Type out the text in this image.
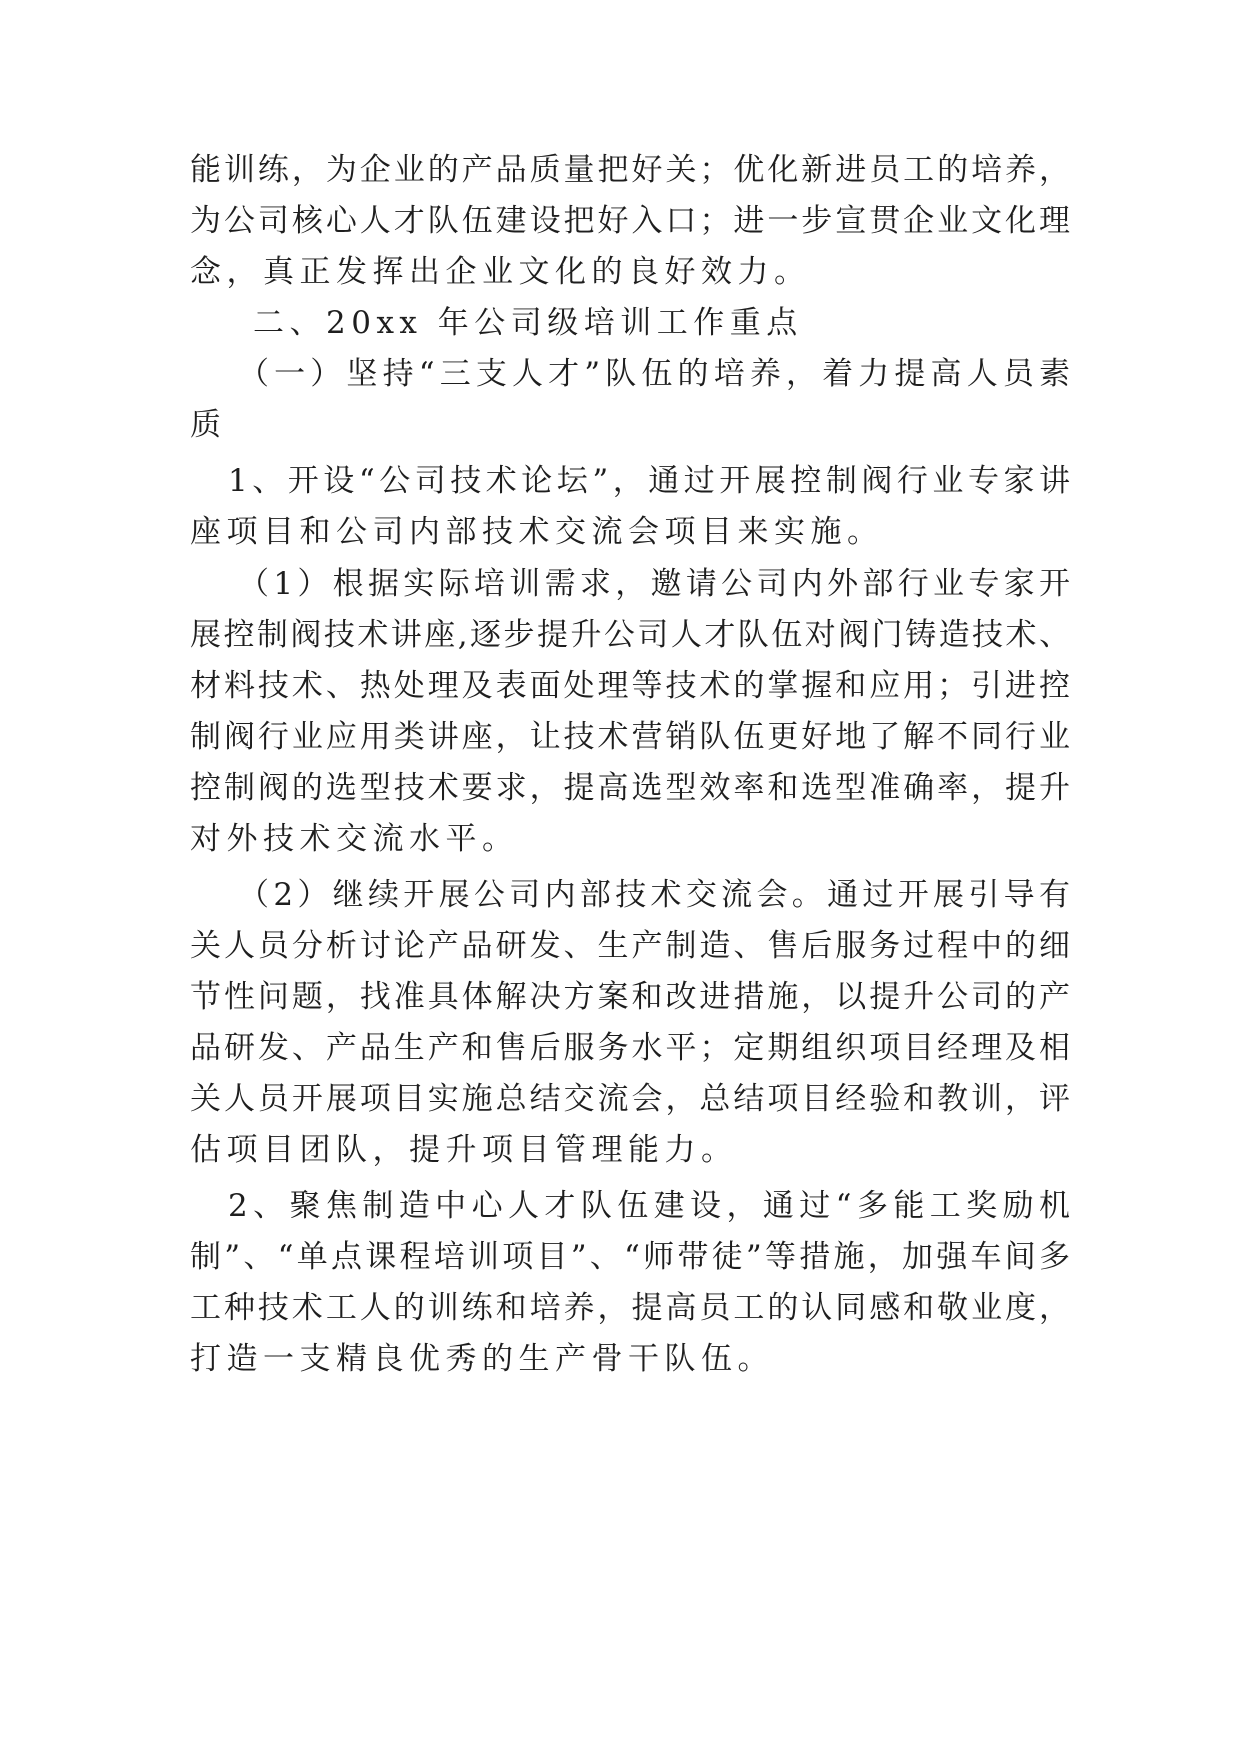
能训练，为企业的产品质量把好关；优化新进员工的培养，
为公司核心人才队伍建设把好入口；进一步宣贯企业文化理
念，真正发挥出企业文化的良好效力。
二、20xx 年公司级培训工作重点
（一）坚持“三支人才”队伍的培养，着力提高人员素
质
1、开设“公司技术论坛”，通过开展控制阀行业专家讲
座项目和公司内部技术交流会项目来实施。
（1）根据实际培训需求，邀请公司内外部行业专家开
展控制阀技术讲座,逐步提升公司人才队伍对阀门铸造技术、
材料技术、热处理及表面处理等技术的掌握和应用；引进控
制阀行业应用类讲座，让技术营销队伍更好地了解不同行业
控制阀的选型技术要求，提高选型效率和选型准确率，提升
对外技术交流水平。
（2）继续开展公司内部技术交流会。通过开展引导有
关人员分析讨论产品研发、生产制造、售后服务过程中的细
节性问题，找准具体解决方案和改进措施，以提升公司的产
品研发、产品生产和售后服务水平；定期组织项目经理及相
关人员开展项目实施总结交流会，总结项目经验和教训，评
估项目团队，提升项目管理能力。
2、聚焦制造中心人才队伍建设，通过“多能工奖励机
制”、“单点课程培训项目”、“师带徒”等措施，加强车间多
工种技术工人的训练和培养，提高员工的认同感和敬业度，
打造一支精良优秀的生产骨干队伍。
